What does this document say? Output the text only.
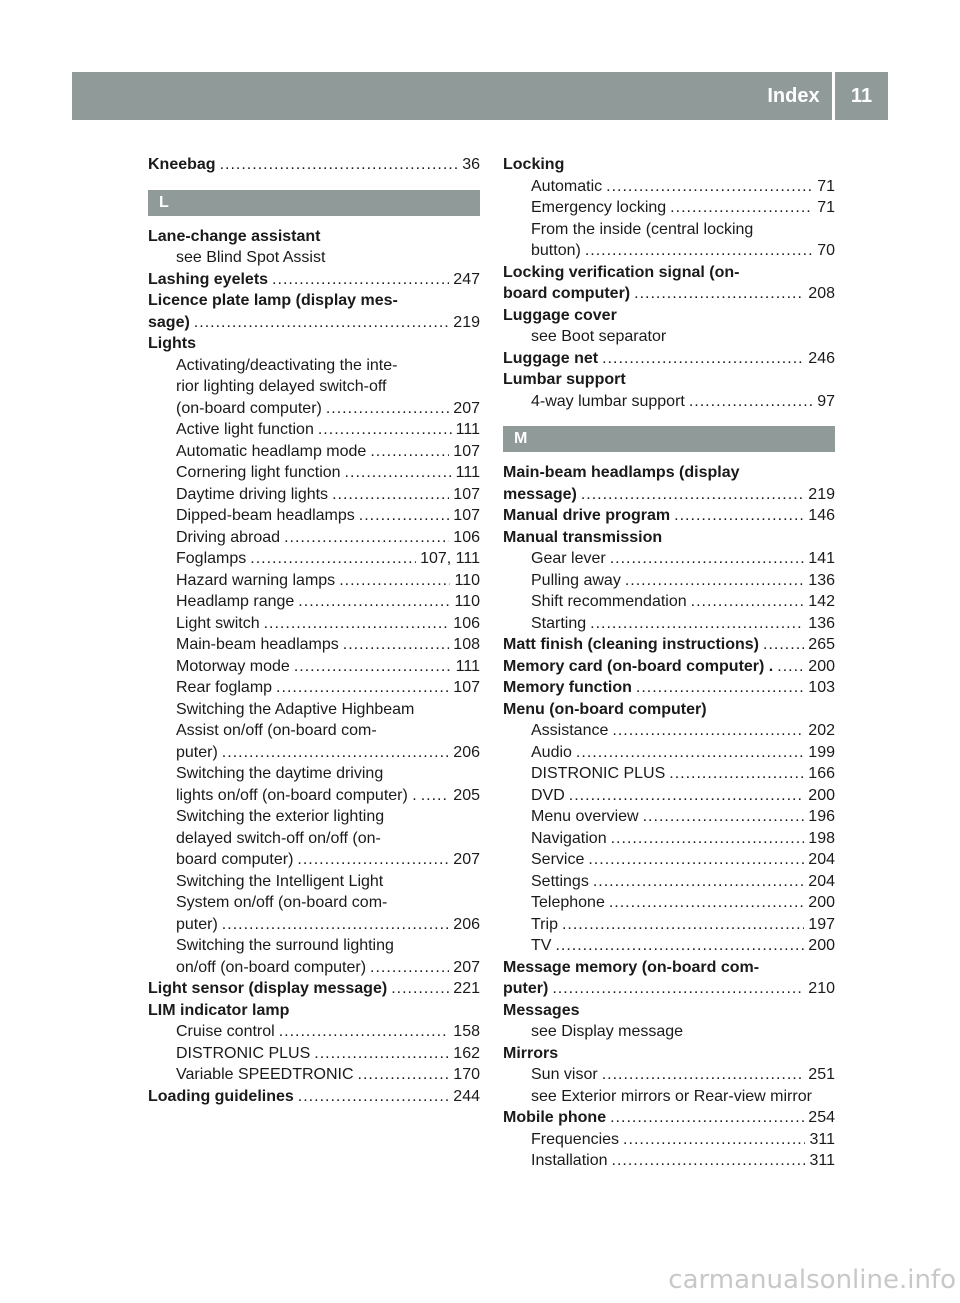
Index	11
Kneebag .....	36
L
Lane-change assistant
see Blind Spot Assist
Lashing eyelets .....	247
Licence plate lamp (display mes-
sage) .....	219
Lights
Activating/deactivating the inte-
rior lighting delayed switch-off
(on-board computer) .....	207
Active light function .....	111
Automatic headlamp mode .....	107
Cornering light function .....	111
Daytime driving lights .....	107
Dipped-beam headlamps .....	107
Driving abroad .....	106
Foglamps .....	107, 111
Hazard warning lamps .....	110
Headlamp range .....	110
Light switch .....	106
Main-beam headlamps .....	108
Motorway mode .....	111
Rear foglamp .....	107
Switching the Adaptive Highbeam
Assist on/off (on-board com-
puter) .....	206
Switching the daytime driving
lights on/off (on-board computer) . ..... 205
Switching the exterior lighting
delayed switch-off on/off (on-
board computer) .....	207
Switching the Intelligent Light
System on/off (on-board com-
puter) .....	206
Switching the surround lighting
on/off (on-board computer) .....	207
Light sensor (display message) .....	221
LIM indicator lamp
Cruise control .....	158
DISTRONIC PLUS .....	162
Variable SPEEDTRONIC .....	170
Loading guidelines .....	244
Locking
Automatic .....	71
Emergency locking .....	71
From the inside (central locking
button) .....	70
Locking verification signal (on-
board computer) .....	208
Luggage cover
see Boot separator
Luggage net .....	246
Lumbar support
4-way lumbar support .....	97
M
Main-beam headlamps (display
message) .....	219
Manual drive program .....	146
Manual transmission
Gear lever .....	141
Pulling away .....	136
Shift recommendation .....	142
Starting .....	136
Matt finish (cleaning instructions) .....	265
Memory card (on-board computer) . ..... 200
Memory function .....	103
Menu (on-board computer)
Assistance .....	202
Audio .....	199
DISTRONIC PLUS .....	166
DVD .....	200
Menu overview .....	196
Navigation .....	198
Service .....	204
Settings .....	204
Telephone .....	200
Trip .....	197
TV .....	200
Message memory (on-board com-
puter) .....	210
Messages
see Display message
Mirrors
Sun visor .....	251
see Exterior mirrors or Rear-view mirror
Mobile phone .....	254
Frequencies .....	311
Installation .....	311
carmanualsonline.info
